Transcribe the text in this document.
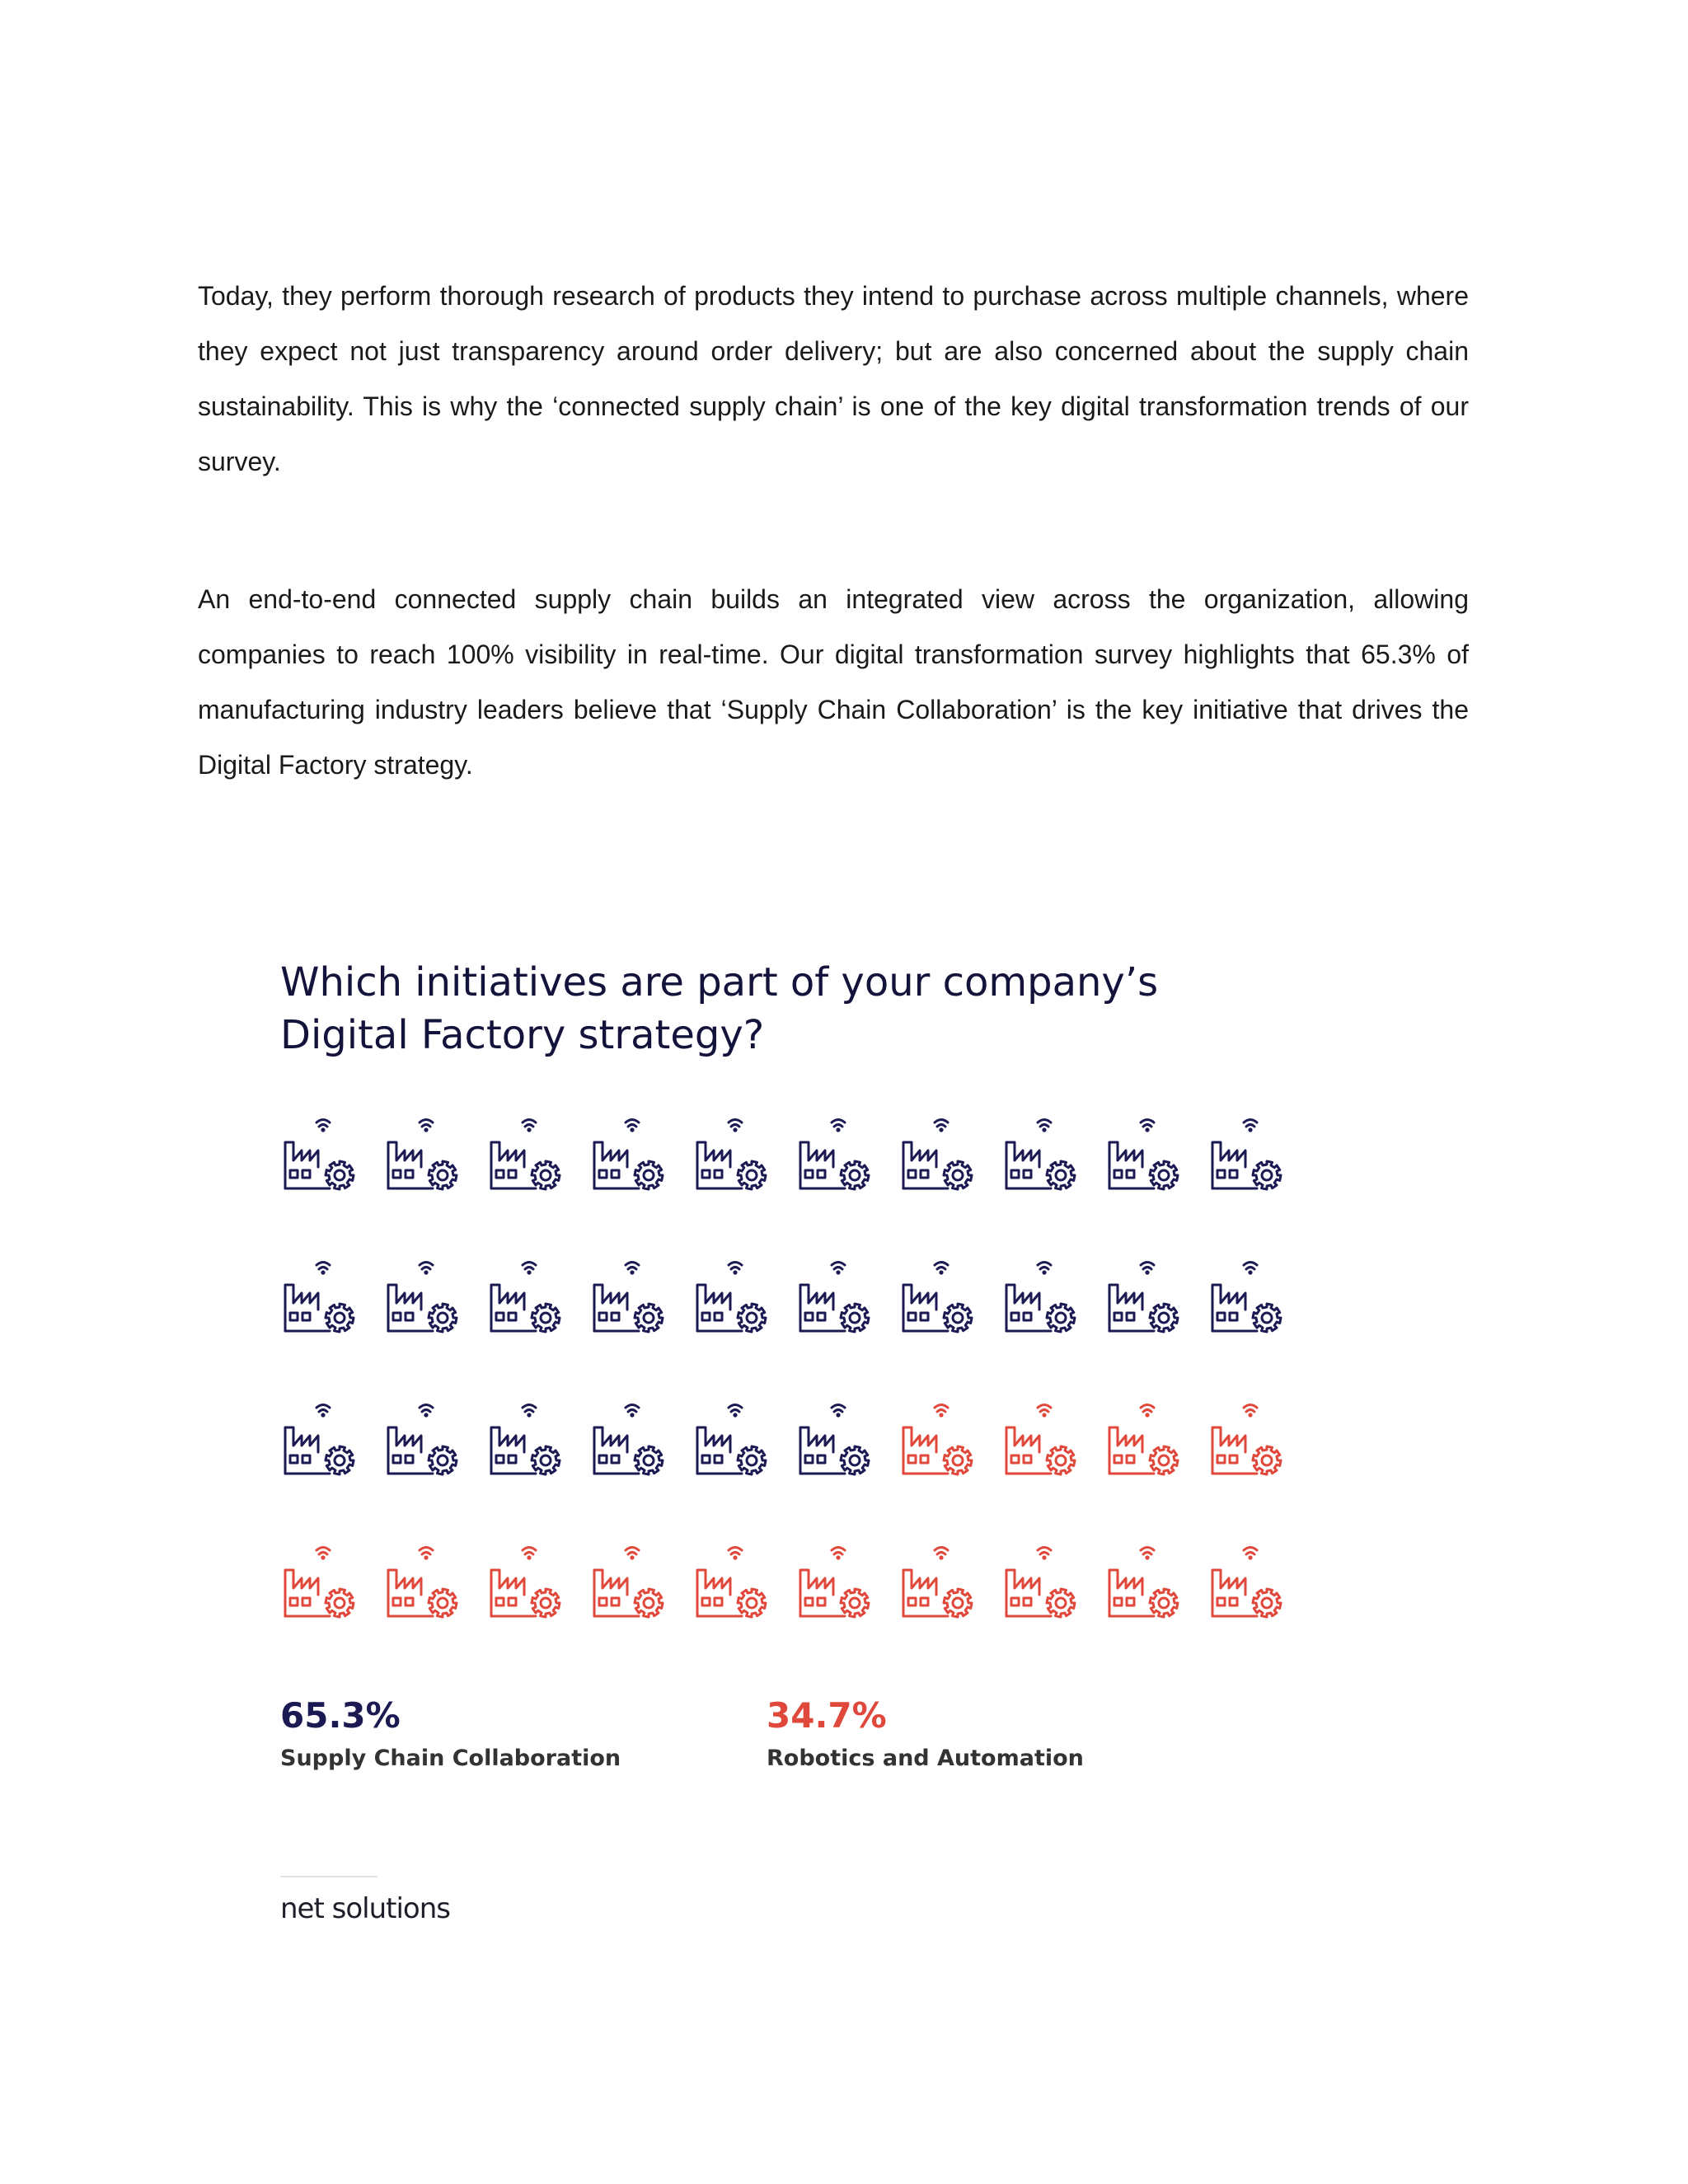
Today, they perform thorough research of products they intend to purchase across multiple channels, where they expect not just transparency around order delivery; but are also concerned about the supply chain sustainability. This is why the ‘connected supply chain’ is one of the key digital transformation trends of our survey.

An end-to-end connected supply chain builds an integrated view across the organization, allowing companies to reach 100% visibility in real-time. Our digital transformation survey highlights that 65.3% of manufacturing industry leaders believe that ‘Supply Chain Collaboration’ is the key initiative that drives the Digital Factory strategy.

Which initiatives are part of your company’s
Digital Factory strategy?
65.3%
Supply Chain Collaboration
34.7%
Robotics and Automation
net solutions
